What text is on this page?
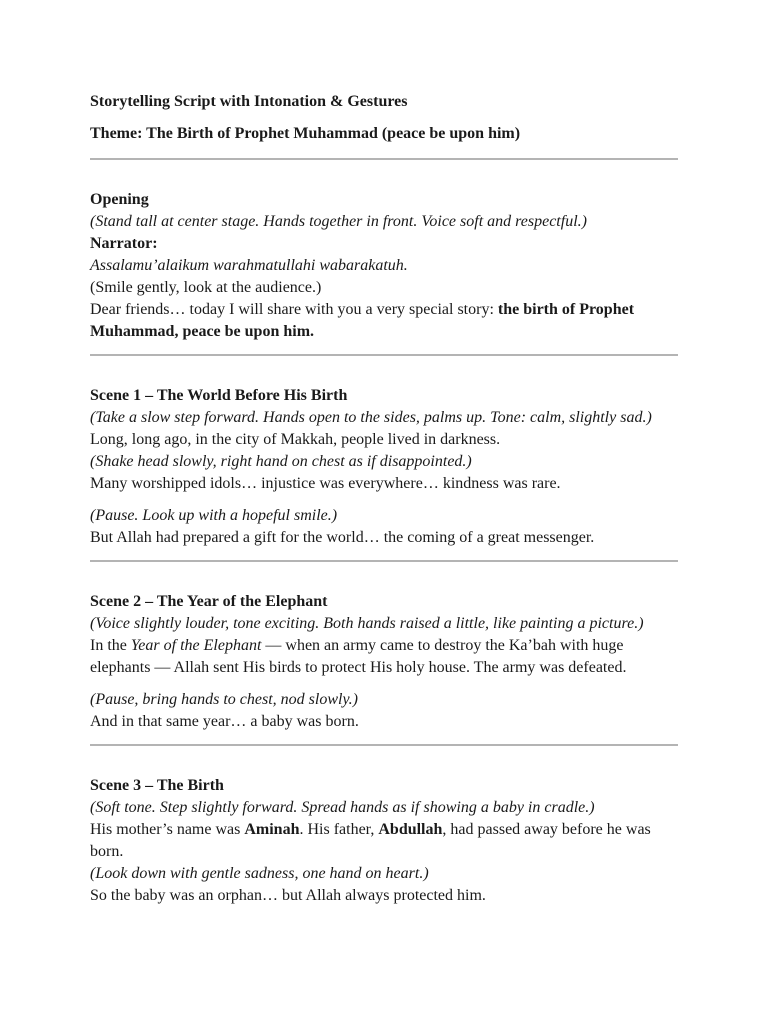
Storytelling Script with Intonation & Gestures
Theme: The Birth of Prophet Muhammad (peace be upon him)
Opening
(Stand tall at center stage. Hands together in front. Voice soft and respectful.)
Narrator:
Assalamu’alaikum warahmatullahi wabarakatuh.
(Smile gently, look at the audience.)
Dear friends… today I will share with you a very special story: the birth of Prophet Muhammad, peace be upon him.
Scene 1 – The World Before His Birth
(Take a slow step forward. Hands open to the sides, palms up. Tone: calm, slightly sad.)
Long, long ago, in the city of Makkah, people lived in darkness.
(Shake head slowly, right hand on chest as if disappointed.)
Many worshipped idols… injustice was everywhere… kindness was rare.
(Pause. Look up with a hopeful smile.)
But Allah had prepared a gift for the world… the coming of a great messenger.
Scene 2 – The Year of the Elephant
(Voice slightly louder, tone exciting. Both hands raised a little, like painting a picture.)
In the Year of the Elephant — when an army came to destroy the Ka’bah with huge elephants — Allah sent His birds to protect His holy house. The army was defeated.
(Pause, bring hands to chest, nod slowly.)
And in that same year… a baby was born.
Scene 3 – The Birth
(Soft tone. Step slightly forward. Spread hands as if showing a baby in cradle.)
His mother’s name was Aminah. His father, Abdullah, had passed away before he was born.
(Look down with gentle sadness, one hand on heart.)
So the baby was an orphan… but Allah always protected him.
